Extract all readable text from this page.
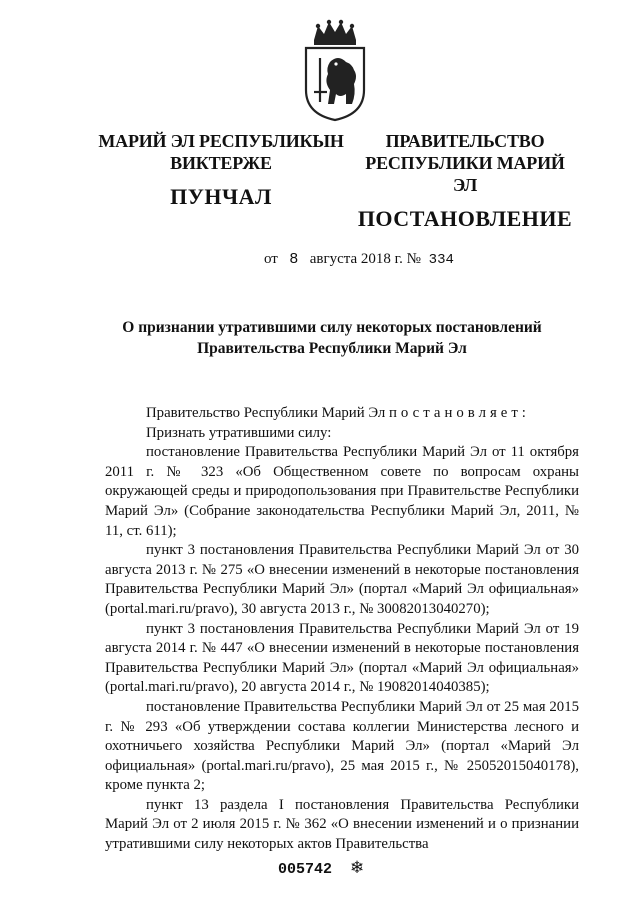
МАРИЙ ЭЛ РЕСПУБЛИКЫН
ВИКТЕРЖЕ
ПУНЧАЛ
ПРАВИТЕЛЬСТВО
РЕСПУБЛИКИ МАРИЙ ЭЛ
ПОСТАНОВЛЕНИЕ
от 8 августа 2018 г. № 334
О признании утратившими силу некоторых постановлений
Правительства Республики Марий Эл

Правительство Республики Марий Эл постановляет:

Признать утратившими силу:

постановление Правительства Республики Марий Эл от 11 октября 2011 г. № 323 «Об Общественном совете по вопросам охраны окружающей среды и природопользования при Правительстве Республики Марий Эл» (Собрание законодательства Республики Марий Эл, 2011, № 11, ст. 611);

пункт 3 постановления Правительства Республики Марий Эл от 30 августа 2013 г. № 275 «О внесении изменений в некоторые постановления Правительства Республики Марий Эл» (портал «Марий Эл официальная» (portal.mari.ru/pravo), 30 августа 2013 г., № 30082013040270);

пункт 3 постановления Правительства Республики Марий Эл от 19 августа 2014 г. № 447 «О внесении изменений в некоторые постановления Правительства Республики Марий Эл» (портал «Марий Эл официальная» (portal.mari.ru/pravo), 20 августа 2014 г., № 19082014040385);

постановление Правительства Республики Марий Эл от 25 мая 2015 г. № 293 «Об утверждении состава коллегии Министерства лесного и охотничьего хозяйства Республики Марий Эл» (портал «Марий Эл официальная» (portal.mari.ru/pravo), 25 мая 2015 г., № 25052015040178), кроме пункта 2;

пункт 13 раздела I постановления Правительства Республики Марий Эл от 2 июля 2015 г. № 362 «О внесении изменений и о признании утратившими силу некоторых актов Правительства

005742 ❄
